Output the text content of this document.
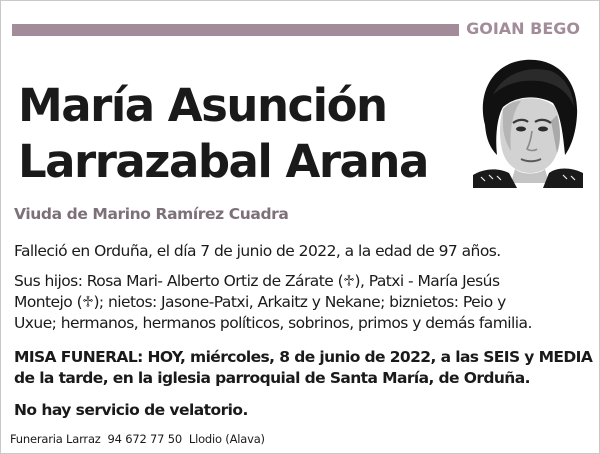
GOIAN BEGO
María Asunción
Larrazabal Arana
Viuda de Marino Ramírez Cuadra
Falleció en Orduña, el día 7 de junio de 2022, a la edad de 97 años.
Sus hijos: Rosa Mari- Alberto Ortiz de Zárate (♱), Patxi - María Jesús
Montejo (♱); nietos: Jasone-Patxi, Arkaitz y Nekane; biznietos: Peio y
Uxue; hermanos, hermanos políticos, sobrinos, primos y demás familia.
MISA FUNERAL: HOY, miércoles, 8 de junio de 2022, a las SEIS y MEDIA
de la tarde, en la iglesia parroquial de Santa María, de Orduña.
No hay servicio de velatorio.
Funeraria Larraz  94 672 77 50  Llodio (Alava)
